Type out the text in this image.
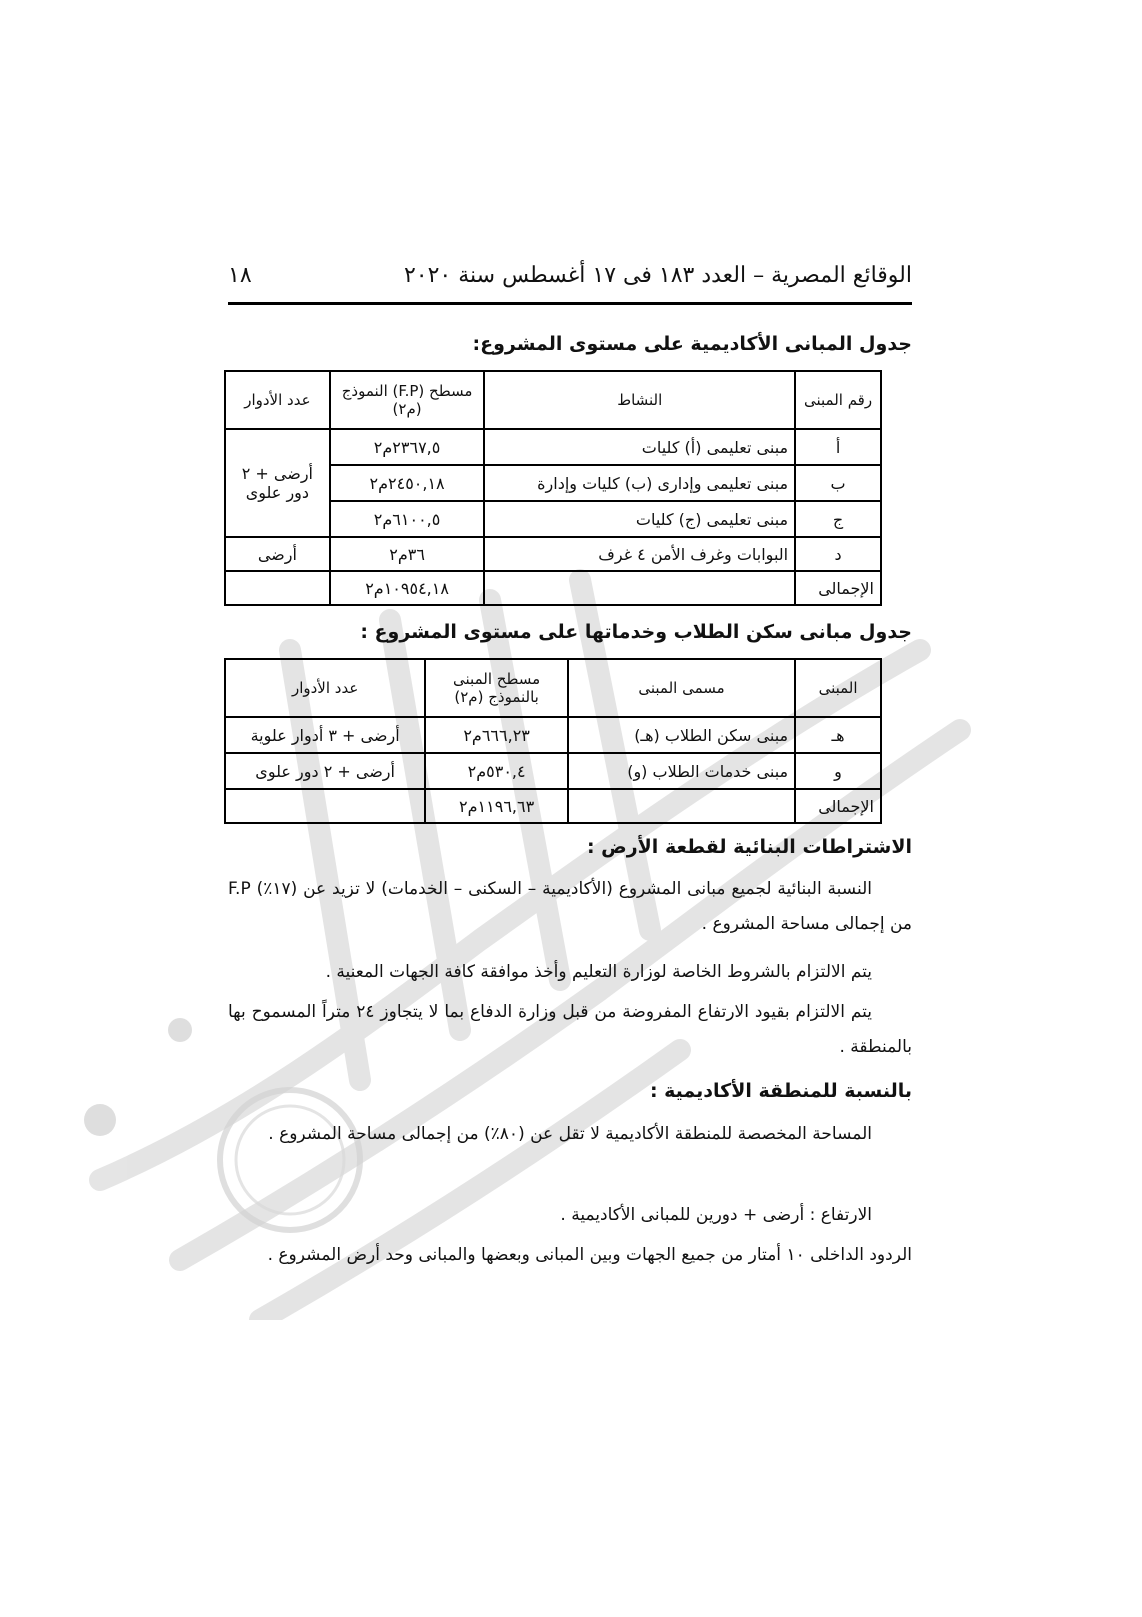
الوقائع المصرية – العدد ١٨٣ فى ١٧ أغسطس سنة ٢٠٢٠
١٨
جدول المبانى الأكاديمية على مستوى المشروع:
رقم المبنى	النشاط	مسطح (F.P) النموذج (م٢)	عدد الأدوار
أ	مبنى تعليمى (أ) كليات	٢٣٦٧,٥م٢	أرضى + ٢ دور علوى
ب	مبنى تعليمى وإدارى (ب) كليات وإدارة	٢٤٥٠,١٨م٢	
ج	مبنى تعليمى (ج) كليات	٦١٠٠,٥م٢	
د	البوابات وغرف الأمن ٤ غرف	٣٦م٢	أرضى
الإجمالى		١٠٩٥٤,١٨م٢	
جدول مبانى سكن الطلاب وخدماتها على مستوى المشروع :
المبنى	مسمى المبنى	مسطح المبنى بالنموذج (م٢)	عدد الأدوار
هـ	مبنى سكن الطلاب (هـ)	٦٦٦,٢٣م٢	أرضى + ٣ أدوار علوية
و	مبنى خدمات الطلاب (و)	٥٣٠,٤م٢	أرضى + ٢ دور علوى
الإجمالى		١١٩٦,٦٣م٢	
الاشتراطات البنائية لقطعة الأرض :
النسبة البنائية لجميع مبانى المشروع (الأكاديمية – السكنى – الخدمات) لا تزيد عن (١٧٪) F.P من إجمالى مساحة المشروع .
يتم الالتزام بالشروط الخاصة لوزارة التعليم وأخذ موافقة كافة الجهات المعنية .
يتم الالتزام بقيود الارتفاع المفروضة من قبل وزارة الدفاع بما لا يتجاوز ٢٤ متراً المسموح بها بالمنطقة .
بالنسبة للمنطقة الأكاديمية :
المساحة المخصصة للمنطقة الأكاديمية لا تقل عن (٨٠٪) من إجمالى مساحة المشروع .
الارتفاع : أرضى + دورين للمبانى الأكاديمية .
الردود الداخلى ١٠ أمتار من جميع الجهات وبين المبانى وبعضها والمبانى وحد أرض المشروع .
